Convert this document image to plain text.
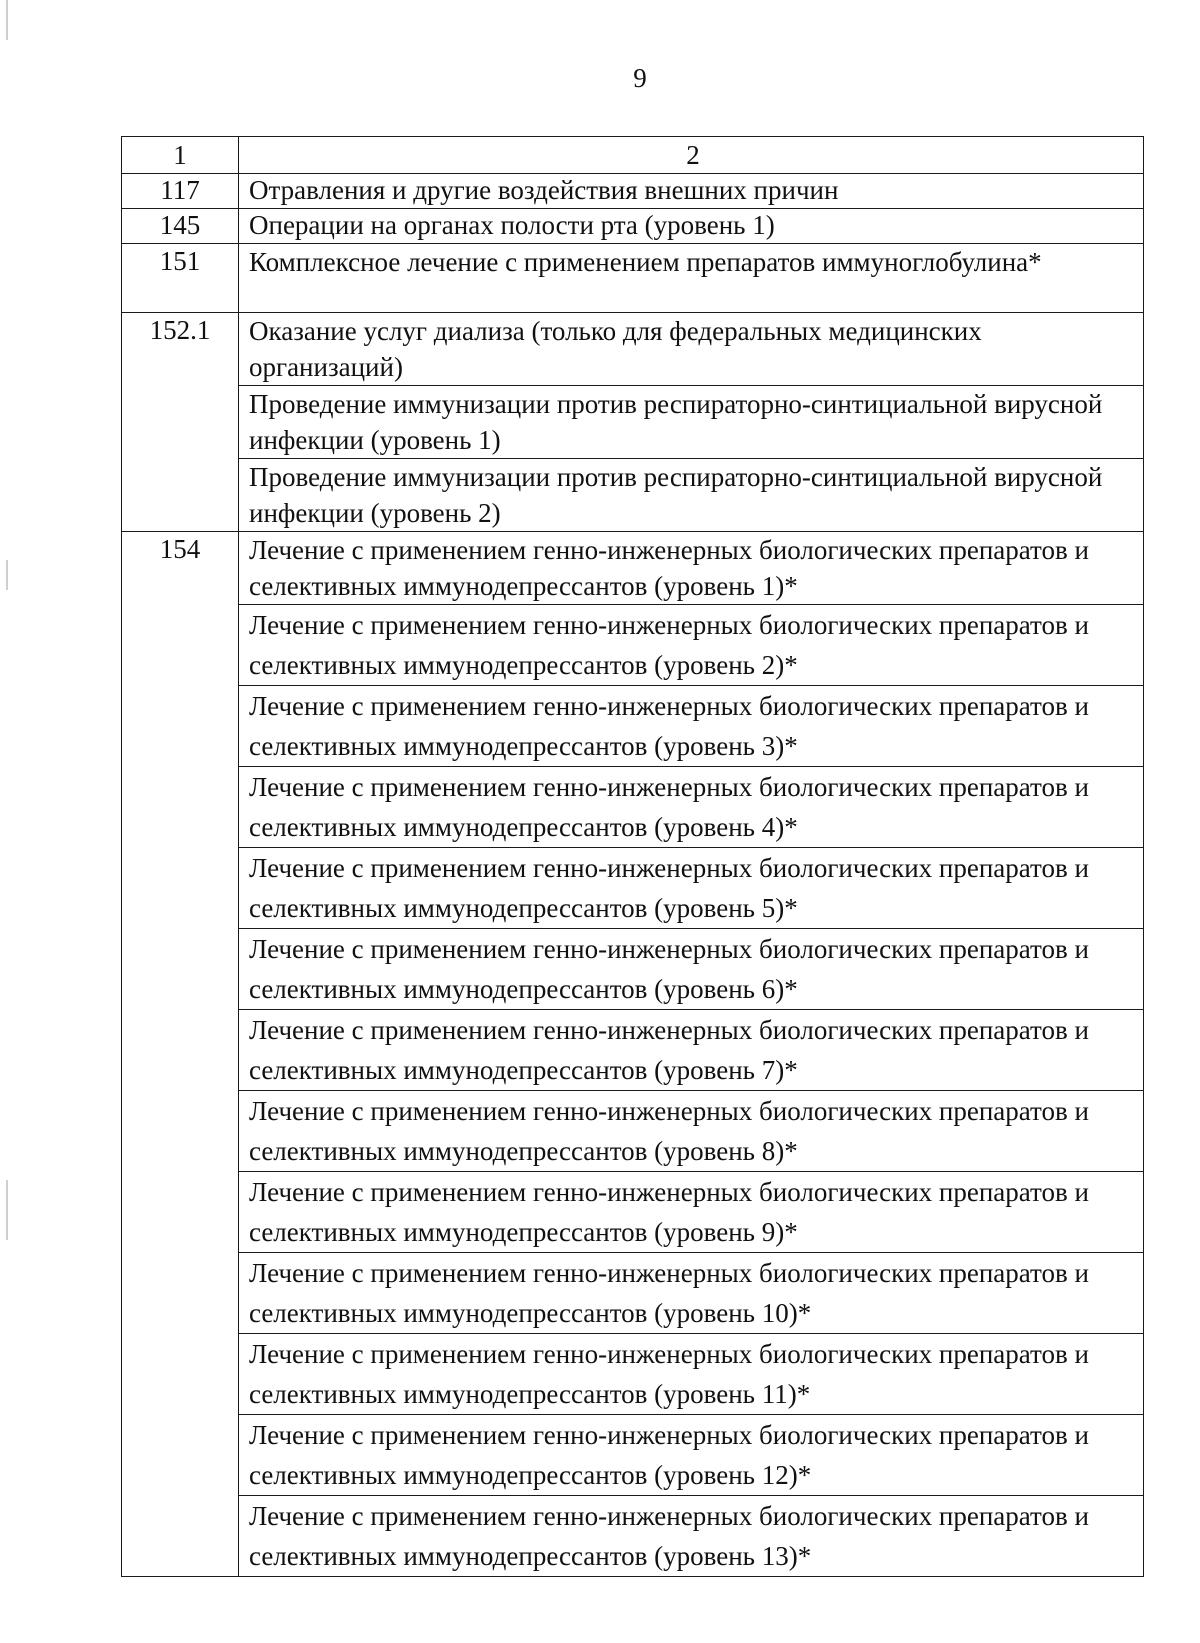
9
1	2
117	Отравления и другие воздействия внешних причин
145	Операции на органах полости рта (уровень 1)
151	Комплексное лечение с применением препаратов иммуноглобулина*
152.1	Оказание услуг диализа (только для федеральных медицинских организаций)
	Проведение иммунизации против респираторно-синтициальной вирусной инфекции (уровень 1)
	Проведение иммунизации против респираторно-синтициальной вирусной инфекции (уровень 2)
154	Лечение с применением генно-инженерных биологических препаратов и селективных иммунодепрессантов (уровень 1)*
	Лечение с применением генно-инженерных биологических препаратов и селективных иммунодепрессантов (уровень 2)*
	Лечение с применением генно-инженерных биологических препаратов и селективных иммунодепрессантов (уровень 3)*
	Лечение с применением генно-инженерных биологических препаратов и селективных иммунодепрессантов (уровень 4)*
	Лечение с применением генно-инженерных биологических препаратов и селективных иммунодепрессантов (уровень 5)*
	Лечение с применением генно-инженерных биологических препаратов и селективных иммунодепрессантов (уровень 6)*
	Лечение с применением генно-инженерных биологических препаратов и селективных иммунодепрессантов (уровень 7)*
	Лечение с применением генно-инженерных биологических препаратов и селективных иммунодепрессантов (уровень 8)*
	Лечение с применением генно-инженерных биологических препаратов и селективных иммунодепрессантов (уровень 9)*
	Лечение с применением генно-инженерных биологических препаратов и селективных иммунодепрессантов (уровень 10)*
	Лечение с применением генно-инженерных биологических препаратов и селективных иммунодепрессантов (уровень 11)*
	Лечение с применением генно-инженерных биологических препаратов и селективных иммунодепрессантов (уровень 12)*
	Лечение с применением генно-инженерных биологических препаратов и селективных иммунодепрессантов (уровень 13)*
